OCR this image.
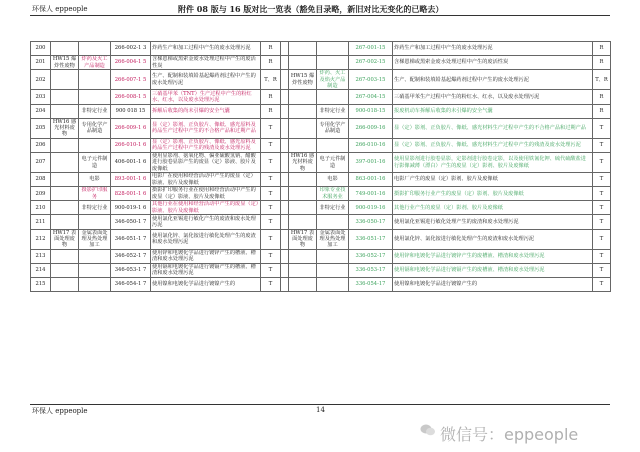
环保人 eppeople	附件 08 版与 16 版对比一览表（豁免目录略，新旧对比无变化的已略去）
200			266-002-1 3	炸药生产和加工过程中产生的废水处理污泥	R				267-001-15	炸药生产和加工过程中产生的废水处理污泥	R
201	HW15 爆炸性废物	炸药及火工产品制造	266-004-1 5	含梯恩梯或黑索金废水处理过程中产生的废活性炭	R				267-002-15	含梯恩梯或黑索金废水处理过程中产生的废活性炭	R
202			266-007-1 5	生产、配制和装填铅基起爆药剂过程中产生的废水处理污泥	T、R		HW15 爆炸性废物	炸药、火工及焰火产品制造	267-003-15	生产、配制和装填铅基起爆药剂过程中产生的废水处理污泥	T、R
203			266-008-1 5	三硝基甲苯（TNT）生产过程中产生的粉红水、红水，以及废水处理污泥	R				267-004-15	三硝基甲苯生产过程中产生的粉红水、红水，以及废水处理污泥	R
204		非特定行业	900 018 15	拆解后收集的尚未引爆的安全气囊	R			非特定行业	900-018-15	报废机动车拆解后收集的未引爆的安全气囊	R
205	HW16 感光材料废物	专用化学产品制造	266-009-1 6	显（定）影剂、正负胶片、像纸、感光原料及药品生产过程中产生的不合格产品和过期产品	T			专用化学产品制造	266-009-16	显（定）影剂、正负胶片、像纸、感光材料生产过程中产生的不合格产品和过期产品	T
206			266-010-1 6	显（定）影剂、正负胶片、像纸、感光原料及药品生产过程中产生的残渣及废水处理污泥	T				266-010-16	显（定）影剂、正负胶片、像纸、感光材料生产过程中产生的残渣及废水处理污泥	T
207		电子元件制造	406-001-1 6	使用显影剂、氨氧化物、偏亚硫酸氢钠、醋酸进行胶卷显影产生的废显（定）影液、胶片及废像纸	T		HW16 感光材料废物	电子元件制造	397-001-16	使用显影剂进行胶卷显影，定影剂进行胶卷定影，以及使用铁氰化钾、硫代硫酸盐进行影像减薄（漂白）产生的废显（定）影剂、胶片及废像纸	T
208		电影	893-001-1 6	电影厂在使用和经营活动中产生的废显（定）影液、胶片及废像纸	T			电影	863-001-16	电影厂产生的废显（定）影剂、胶片及废像纸	T
209		摄影扩印服务	828-001-1 6	摄影扩印服务行业在使用和经营活动中产生的废显（定）影液、胶片及废像纸	T			印象专业技术服务业	749-001-16	摄影扩印服务行业产生的废显（定）影剂、胶片及废像纸	T
210		非特定行业	900-019-1 6	其他行业在使用和经营活动中产生的废显（定）影液、胶片及废像纸	T			非特定行业	900-019-16	其他行业产生的废显（定）影剂、胶片及废像纸	T
211			346-050-1 7	使用氯化亚锡进行敏化产生的废渣和废水处理污泥	T				336-050-17	使用氯化亚锡进行敏化处理产生的废渣和废水处理污泥	T
212	HW17 表面处理废物	金属表面处理及热处理加工	346-051-1 7	使用氯化锌、氯化铵进行敏化处理产生的废渣和废水处理污泥	T		HW17 表面处理废物	金属表面处理及热处理加工	336-051-17	使用氯化锌、氯化铵进行敏化处理产生的废渣和废水处理污泥	T
213			346-052-1 7	使用锌和电镀化学品进行镀锌产生的槽液、槽渣和废水处理污泥	T				336-052-17	使用锌和电镀化学品进行镀锌产生的废槽液、槽渣和废水处理污泥	T
214			346-053-1 7	使用镉和电镀化学品进行镀镉产生的槽液、槽渣和废水处理污泥	T				336-053-17	使用镉和电镀化学品进行镀镉产生的废槽液、槽渣和废水处理污泥	T
215			346-054-1 7	使用镍和电镀化学品进行镀镍产生的	T				336-054-17	使用镍和电镀化学品进行镀镍产生的	T
环保人 eppeople	14
微信号：eppeople
